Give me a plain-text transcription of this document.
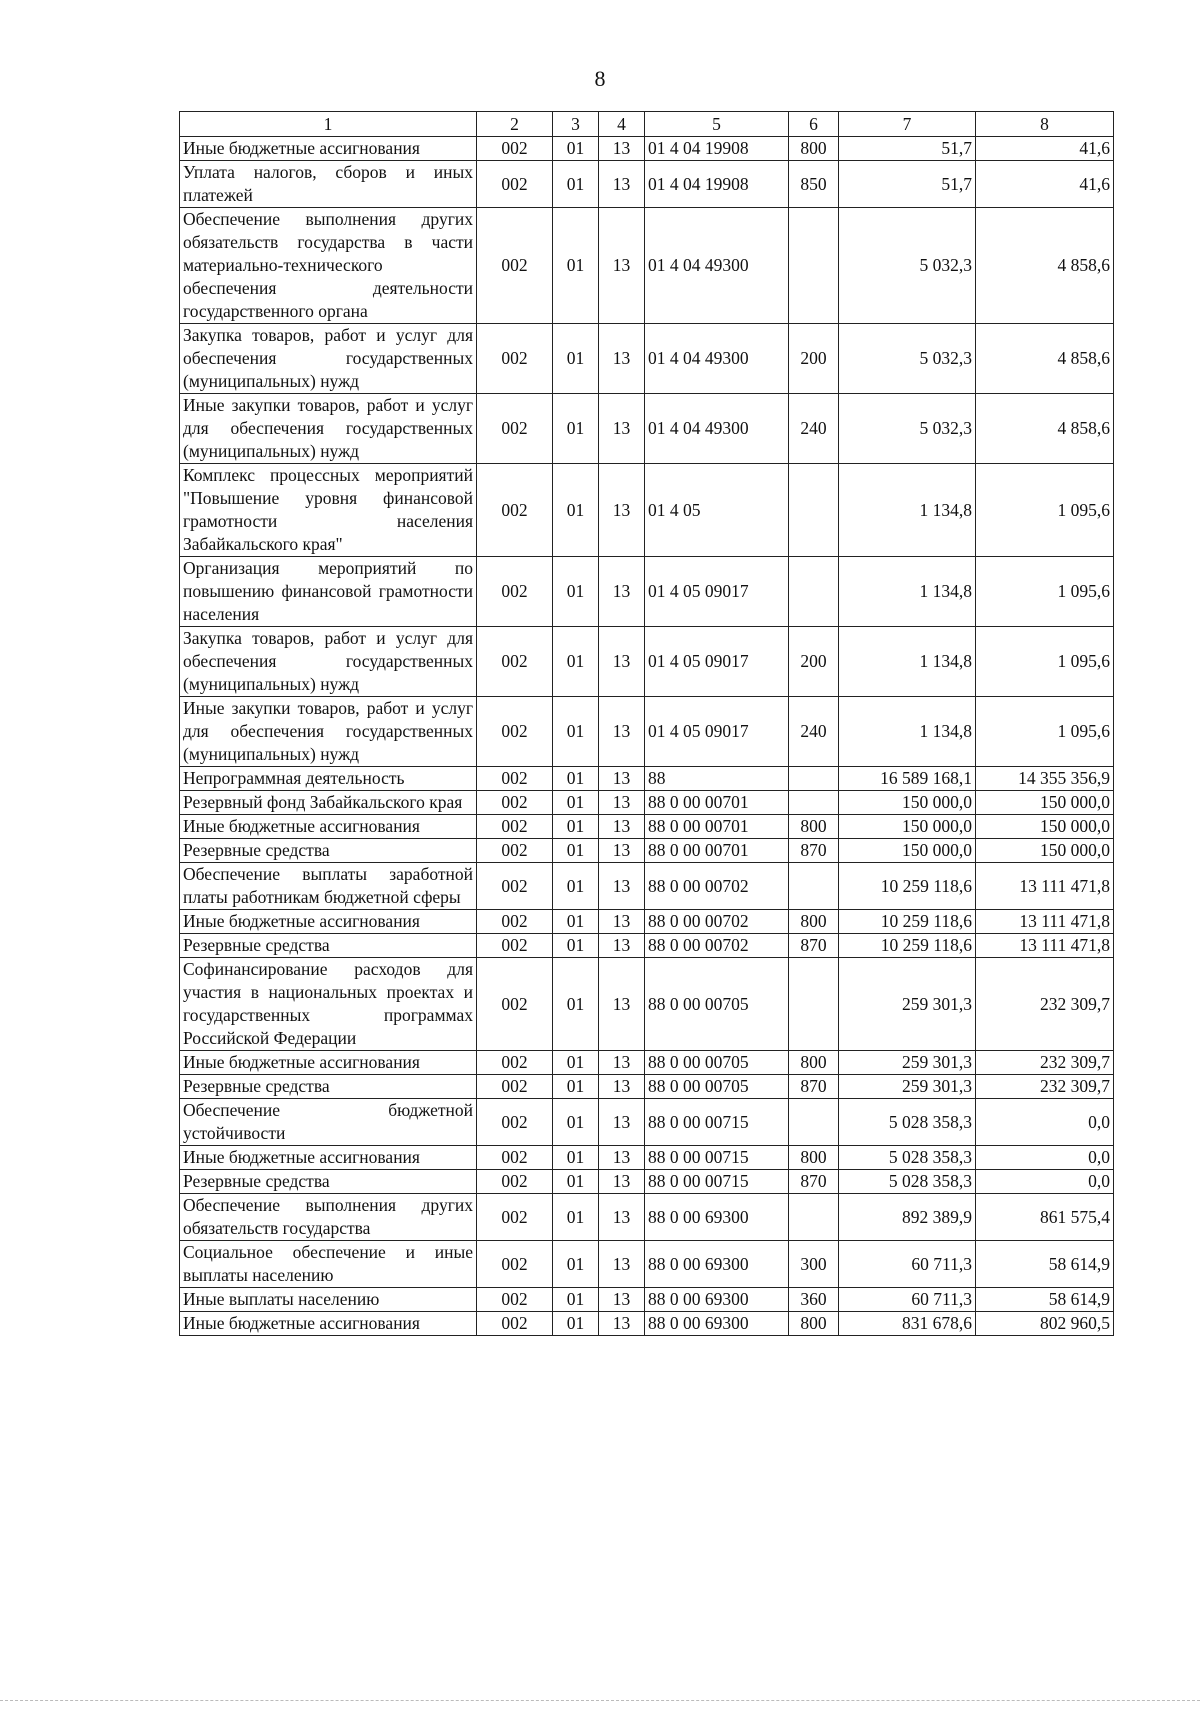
8
1	2	3	4	5	6	7	8
Иные бюджетные ассигнования	002	01	13	01 4 04 19908	800	51,7	41,6
Уплата налогов, сборов и иных платежей	002	01	13	01 4 04 19908	850	51,7	41,6
Обеспечение выполнения других обязательств государства в части материально-технического обеспечения деятельности государственного органа	002	01	13	01 4 04 49300		5 032,3	4 858,6
Закупка товаров, работ и услуг для обеспечения государственных (муниципальных) нужд	002	01	13	01 4 04 49300	200	5 032,3	4 858,6
Иные закупки товаров, работ и услуг для обеспечения государственных (муниципальных) нужд	002	01	13	01 4 04 49300	240	5 032,3	4 858,6
Комплекс процессных мероприятий "Повышение уровня финансовой грамотности населения Забайкальского края"	002	01	13	01 4 05		1 134,8	1 095,6
Организация мероприятий по повышению финансовой грамотности населения	002	01	13	01 4 05 09017		1 134,8	1 095,6
Закупка товаров, работ и услуг для обеспечения государственных (муниципальных) нужд	002	01	13	01 4 05 09017	200	1 134,8	1 095,6
Иные закупки товаров, работ и услуг для обеспечения государственных (муниципальных) нужд	002	01	13	01 4 05 09017	240	1 134,8	1 095,6
Непрограммная деятельность	002	01	13	88		16 589 168,1	14 355 356,9
Резервный фонд Забайкальского края	002	01	13	88 0 00 00701		150 000,0	150 000,0
Иные бюджетные ассигнования	002	01	13	88 0 00 00701	800	150 000,0	150 000,0
Резервные средства	002	01	13	88 0 00 00701	870	150 000,0	150 000,0
Обеспечение выплаты заработной платы работникам бюджетной сферы	002	01	13	88 0 00 00702		10 259 118,6	13 111 471,8
Иные бюджетные ассигнования	002	01	13	88 0 00 00702	800	10 259 118,6	13 111 471,8
Резервные средства	002	01	13	88 0 00 00702	870	10 259 118,6	13 111 471,8
Софинансирование расходов для участия в национальных проектах и государственных программах Российской Федерации	002	01	13	88 0 00 00705		259 301,3	232 309,7
Иные бюджетные ассигнования	002	01	13	88 0 00 00705	800	259 301,3	232 309,7
Резервные средства	002	01	13	88 0 00 00705	870	259 301,3	232 309,7
Обеспечение бюджетной устойчивости	002	01	13	88 0 00 00715		5 028 358,3	0,0
Иные бюджетные ассигнования	002	01	13	88 0 00 00715	800	5 028 358,3	0,0
Резервные средства	002	01	13	88 0 00 00715	870	5 028 358,3	0,0
Обеспечение выполнения других обязательств государства	002	01	13	88 0 00 69300		892 389,9	861 575,4
Социальное обеспечение и иные выплаты населению	002	01	13	88 0 00 69300	300	60 711,3	58 614,9
Иные выплаты населению	002	01	13	88 0 00 69300	360	60 711,3	58 614,9
Иные бюджетные ассигнования	002	01	13	88 0 00 69300	800	831 678,6	802 960,5
